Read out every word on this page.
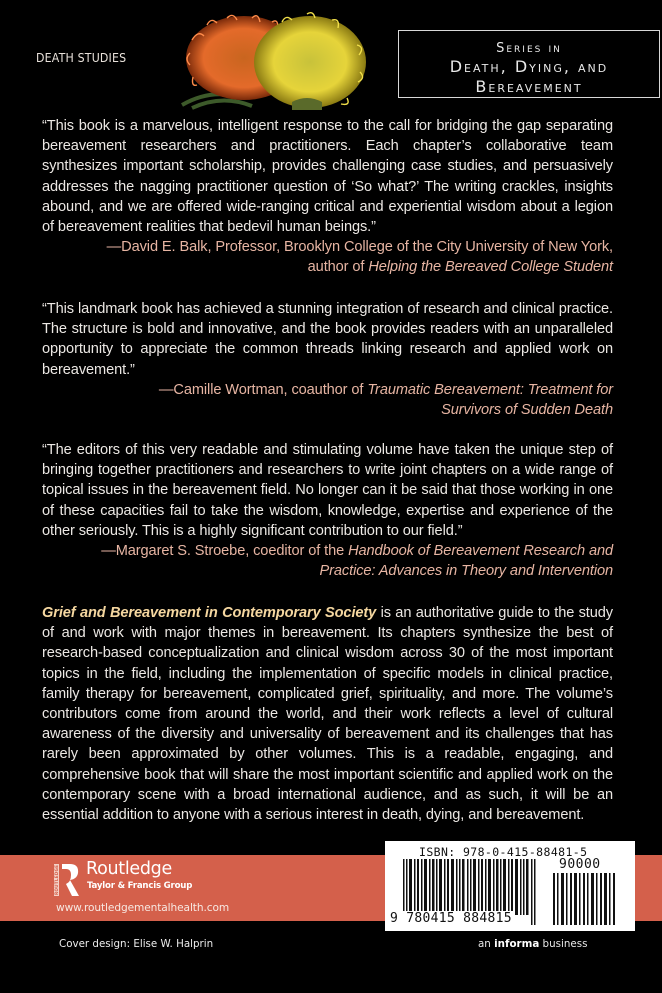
DEATH STUDIES
Series in
Death, Dying, and
Bereavement
“This book is a marvelous, intelligent response to the call for bridging the gap separating bereavement researchers and practitioners. Each chapter’s collaborative team synthesizes important scholarship, provides challenging case studies, and persuasively addresses the nagging practitioner question of ‘So what?’ The writing crackles, insights abound, and we are offered wide-ranging critical and experiential wisdom about a legion of bereavement realities that bedevil human beings.”
—David E. Balk, Professor, Brooklyn College of the City University of New York,
author of Helping the Bereaved College Student
“This landmark book has achieved a stunning integration of research and clinical practice. The structure is bold and innovative, and the book provides readers with an unparalleled opportunity to appreciate the common threads linking research and applied work on bereavement.”
—Camille Wortman, coauthor of Traumatic Bereavement: Treatment for
Survivors of Sudden Death
“The editors of this very readable and stimulating volume have taken the unique step of bringing together practitioners and researchers to write joint chapters on a wide range of topical issues in the bereavement field. No longer can it be said that those working in one of these capacities fail to take the wisdom, knowledge, expertise and experience of the other seriously. This is a highly significant contribution to our field.”
—Margaret S. Stroebe, coeditor of the Handbook of Bereavement Research and
Practice: Advances in Theory and Intervention
Grief and Bereavement in Contemporary Society is an authoritative guide to the study of and work with major themes in bereavement. Its chapters synthesize the best of research-based conceptualization and clinical wisdom across 30 of the most important topics in the field, including the implementation of specific models in clinical practice, family therapy for bereavement, complicated grief, spirituality, and more. The volume’s contributors come from around the world, and their work reflects a level of cultural awareness of the diversity and universality of bereavement and its challenges that has rarely been approximated by other volumes. This is a readable, engaging, and comprehensive book that will share the most important scientific and applied work on the contemporary scene with a broad international audience, and as such, it will be an essential addition to anyone with a serious interest in death, dying, and bereavement.
ROUTLEDGE Routledge
Taylor & Francis Group
www.routledgementalhealth.com
ISBN: 978-0-415-88481-5
90000
9 780415 884815
Cover design: Elise W. Halprin	an informa business
